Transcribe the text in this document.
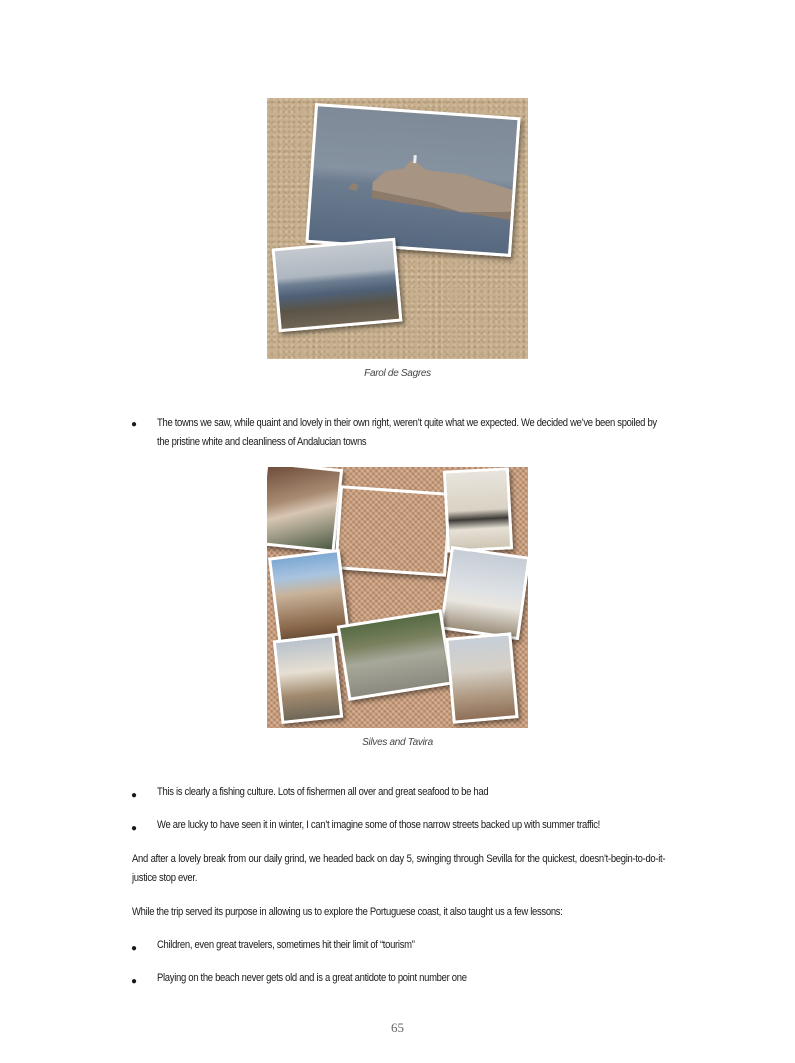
Farol de Sagres
● The towns we saw, while quaint and lovely in their own right, weren’t quite what we expected. We decided we’ve been spoiled by the pristine white and cleanliness of Andalucian towns
Silves and Tavira
● This is clearly a fishing culture. Lots of fishermen all over and great seafood to be had
● We are lucky to have seen it in winter, I can’t imagine some of those narrow streets backed up with summer traffic!
And after a lovely break from our daily grind, we headed back on day 5, swinging through Sevilla for the quickest, doesn’t-begin-to-do-it-justice stop ever.
While the trip served its purpose in allowing us to explore the Portuguese coast, it also taught us a few lessons:
● Children, even great travelers, sometimes hit their limit of “tourism”
● Playing on the beach never gets old and is a great antidote to point number one
65
